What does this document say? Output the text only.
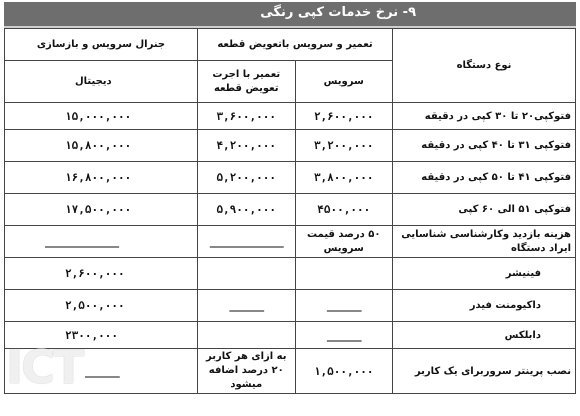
۹- نرخ خدمات کپی رنگی
نوع دستگاه	تعمیر و سرویس باتعویض قطعه		جنرال سرویس و بازسازی
	سرویس	تعمیر با اجرت تعویض قطعه	دیجیتال
فتوکپی۲۰ تا ۳۰ کپی در دقیقه	۲,۶۰۰,۰۰۰	۳,۶۰۰,۰۰۰	۱۵,۰۰۰,۰۰۰
فتوکپی ۳۱ تا ۴۰ کپی در دقیقه	۳,۲۰۰,۰۰۰	۴,۲۰۰,۰۰۰	۱۵,۸۰۰,۰۰۰
فتوکپی ۴۱ تا ۵۰ کپی در دقیقه	۳,۸۰۰,۰۰۰	۵,۲۰۰,۰۰۰	۱۶,۸۰۰,۰۰۰
فتوکپی ۵۱ الی ۶۰ کپی	۴۵۰۰,۰۰۰	۵,۹۰۰,۰۰۰	۱۷,۵۰۰,۰۰۰
هزینه بازدید وکارشناسی شناسایی ایراد دستگاه	۵۰ درصد قیمت سرویس	_____________	_____________
فینیشر			۲,۶۰۰,۰۰۰
داکیومنت فیدر	______	______	۲,۵۰۰,۰۰۰
دابلکس	______		۲۳۰۰,۰۰۰
نصب پرینتر سروربرای یک کاربر	۱,۵۰۰,۰۰۰	به ازای هر کاربر ۲۰ درصد اضافه میشود	______
ICT
